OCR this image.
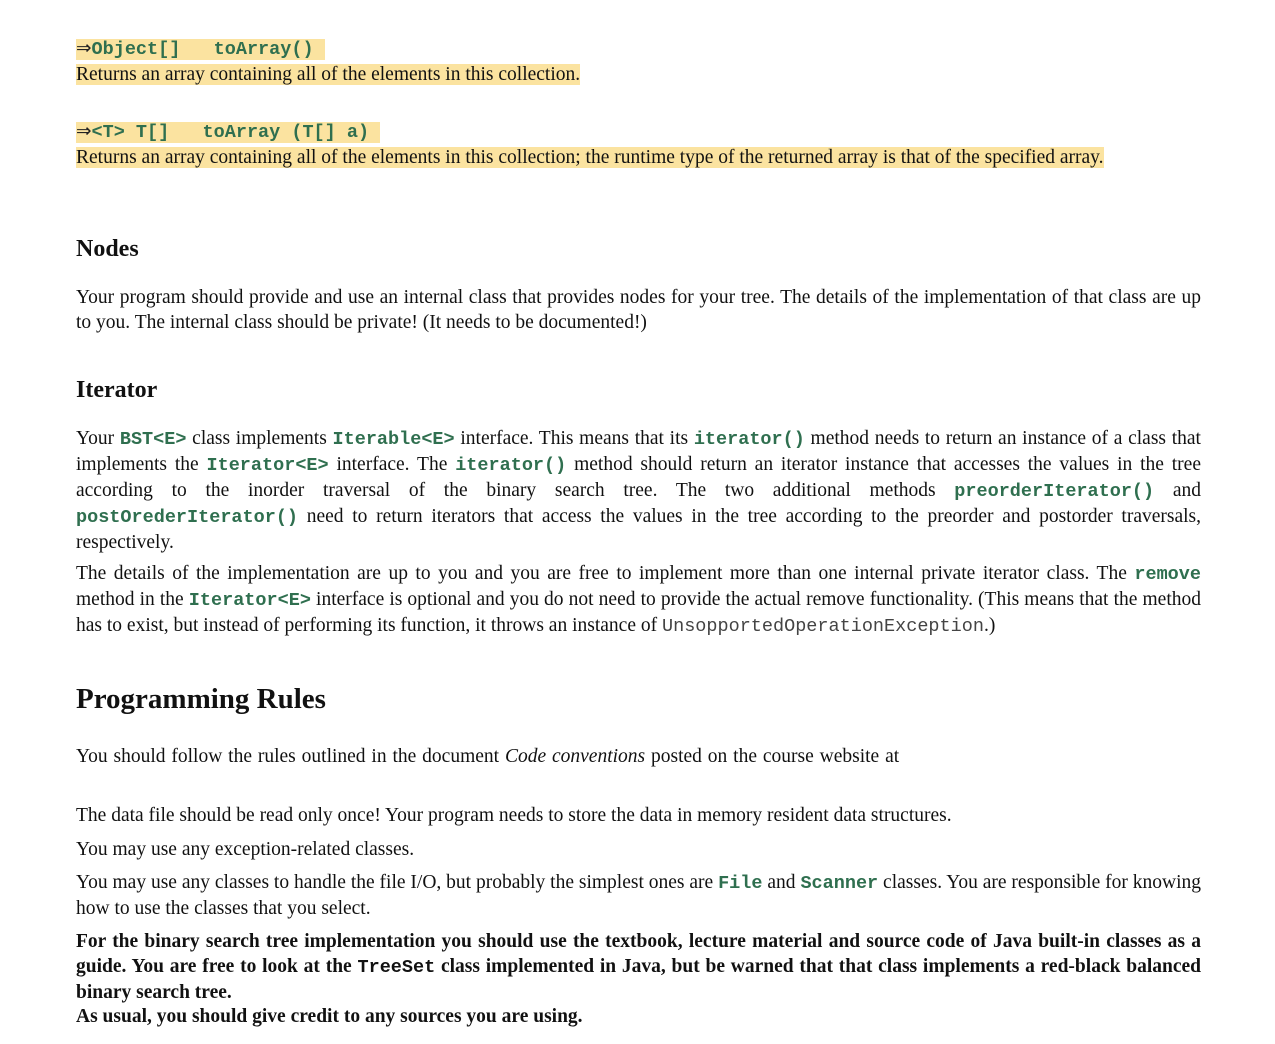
⇒Object[]   toArray()
Returns an array containing all of the elements in this collection.
⇒<T> T[]   toArray (T[] a)
Returns an array containing all of the elements in this collection; the runtime type of the returned array is that of the specified array.
Nodes
Your program should provide and use an internal class that provides nodes for your tree. The details of the implementation of that class are up to you. The internal class should be private! (It needs to be documented!)
Iterator
Your BST<E> class implements Iterable<E> interface. This means that its iterator() method needs to return an instance of a class that implements the Iterator<E> interface. The iterator() method should return an iterator instance that accesses the values in the tree according to the inorder traversal of the binary search tree. The two additional methods preorderIterator() and postOrederIterator() need to return iterators that access the values in the tree according to the preorder and postorder traversals, respectively.
The details of the implementation are up to you and you are free to implement more than one internal private iterator class. The remove method in the Iterator<E> interface is optional and you do not need to provide the actual remove functionality. (This means that the method has to exist, but instead of performing its function, it throws an instance of UnsopportedOperationException.)
Programming Rules
You should follow the rules outlined in the document Code conventions posted on the course website at
The data file should be read only once! Your program needs to store the data in memory resident data structures.
You may use any exception-related classes.
You may use any classes to handle the file I/O, but probably the simplest ones are File and Scanner classes. You are responsible for knowing how to use the classes that you select.
For the binary search tree implementation you should use the textbook, lecture material and source code of Java built-in classes as a guide. You are free to look at the TreeSet class implemented in Java, but be warned that that class implements a red-black balanced binary search tree.
As usual, you should give credit to any sources you are using.
